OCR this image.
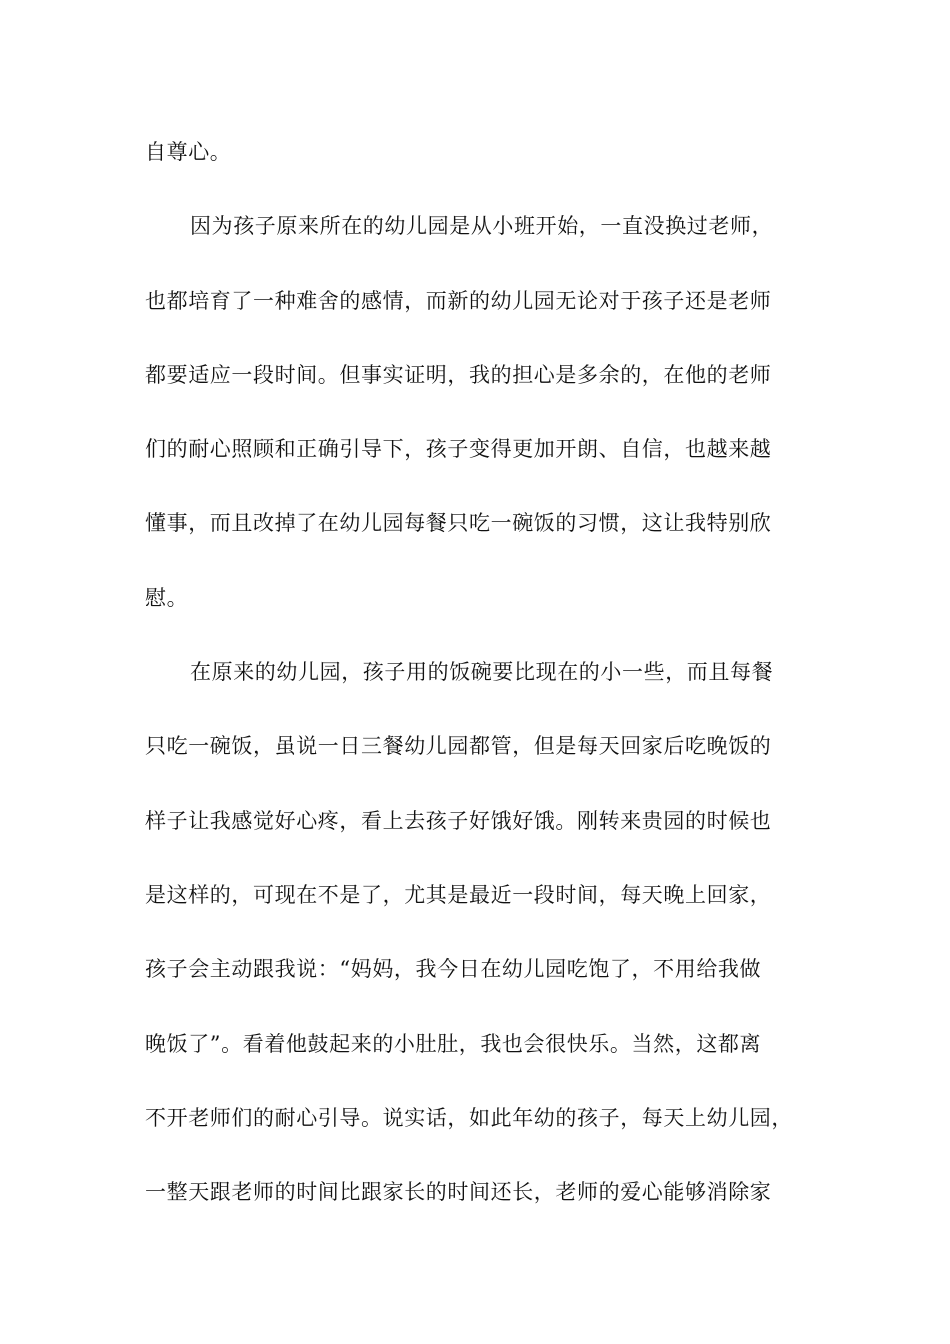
自尊心。
因为孩子原来所在的幼儿园是从小班开始，一直没换过老师，
也都培育了一种难舍的感情，而新的幼儿园无论对于孩子还是老师
都要适应一段时间。但事实证明，我的担心是多余的，在他的老师
们的耐心照顾和正确引导下，孩子变得更加开朗、自信，也越来越
懂事，而且改掉了在幼儿园每餐只吃一碗饭的习惯，这让我特别欣
慰。
在原来的幼儿园，孩子用的饭碗要比现在的小一些，而且每餐
只吃一碗饭，虽说一日三餐幼儿园都管，但是每天回家后吃晚饭的
样子让我感觉好心疼，看上去孩子好饿好饿。刚转来贵园的时候也
是这样的，可现在不是了，尤其是最近一段时间，每天晚上回家，
孩子会主动跟我说：“妈妈，我今日在幼儿园吃饱了，不用给我做
晚饭了”。看着他鼓起来的小肚肚，我也会很快乐。当然，这都离
不开老师们的耐心引导。说实话，如此年幼的孩子，每天上幼儿园，
一整天跟老师的时间比跟家长的时间还长，老师的爱心能够消除家
